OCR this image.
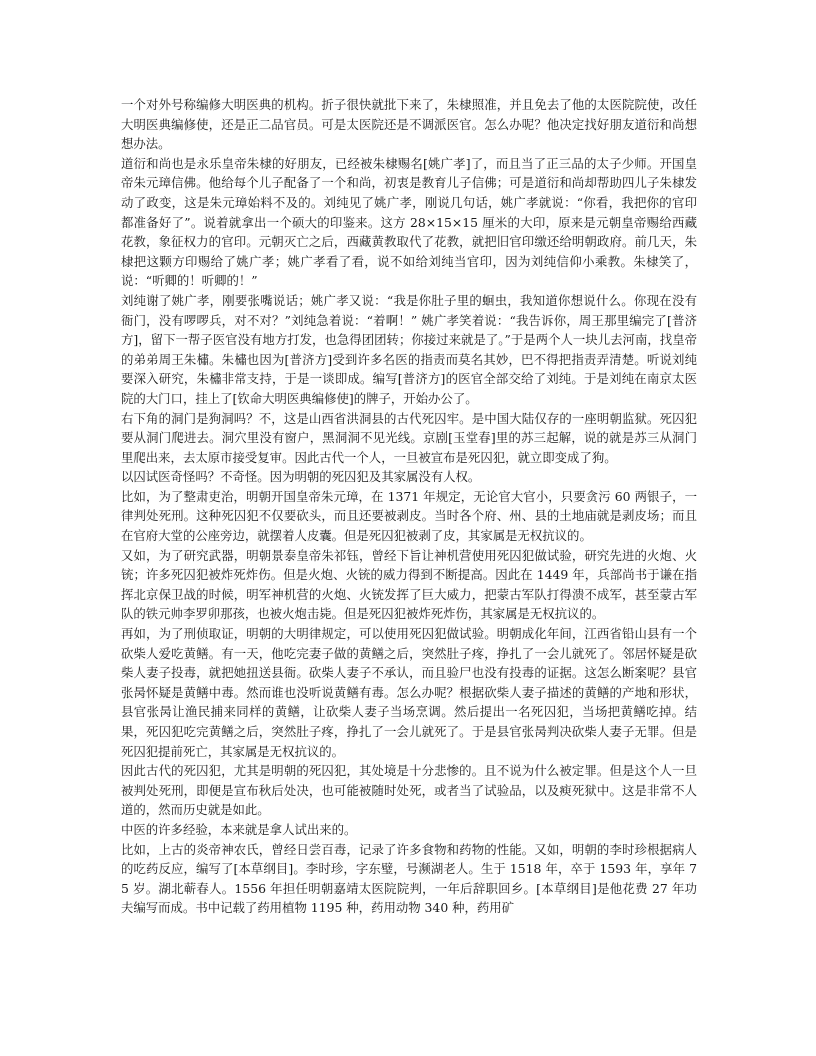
一个对外号称编修大明医典的机构。折子很快就批下来了，朱棣照准，并且免去了他的太医院院使，改任大明医典编修使，还是正二品官员。可是太医院还是不调派医官。怎么办呢？他决定找好朋友道衍和尚想想办法。

道衍和尚也是永乐皇帝朱棣的好朋友，已经被朱棣赐名[姚广孝]了，而且当了正三品的太子少师。开国皇帝朱元璋信佛。他给每个儿子配备了一个和尚，初衷是教育儿子信佛；可是道衍和尚却帮助四儿子朱棣发动了政变，这是朱元璋始料不及的。刘纯见了姚广孝，刚说几句话，姚广孝就说：“你看，我把你的官印都准备好了”。说着就拿出一个硕大的印鉴来。这方 28×15×15 厘米的大印，原来是元朝皇帝赐给西藏花教，象征权力的官印。元朝灭亡之后，西藏黄教取代了花教，就把旧官印缴还给明朝政府。前几天，朱棣把这颗方印赐给了姚广孝；姚广孝看了看，说不如给刘纯当官印，因为刘纯信仰小乘教。朱棣笑了，说：“听卿的！听卿的！”

刘纯谢了姚广孝，刚要张嘴说话；姚广孝又说：“我是你肚子里的蛔虫，我知道你想说什么。你现在没有衙门，没有啰啰兵，对不对？”刘纯急着说：“着啊！” 姚广孝笑着说：“我告诉你，周王那里编完了[普济方]，留下一帮子医官没有地方打发，也急得团团转；你接过来就是了。”于是两个人一块儿去河南，找皇帝的弟弟周王朱橚。朱橚也因为[普济方]受到许多名医的指责而莫名其妙，巴不得把指责弄清楚。听说刘纯要深入研究，朱橚非常支持，于是一谈即成。编写[普济方]的医官全部交给了刘纯。于是刘纯在南京太医院的大门口，挂上了[钦命大明医典编修使]的牌子，开始办公了。

右下角的洞门是狗洞吗？不，这是山西省洪洞县的古代死囚牢。是中国大陆仅存的一座明朝监狱。死囚犯要从洞门爬进去。洞穴里没有窗户，黑洞洞不见光线。京剧[玉堂春]里的苏三起解，说的就是苏三从洞门里爬出来，去太原市接受复审。因此古代一个人，一旦被宣布是死囚犯，就立即变成了狗。

以囚试医奇怪吗？不奇怪。因为明朝的死囚犯及其家属没有人权。

比如，为了整肃吏治，明朝开国皇帝朱元璋，在 1371 年规定，无论官大官小，只要贪污 60 两银子，一律判处死刑。这种死囚犯不仅要砍头，而且还要被剥皮。当时各个府、州、县的土地庙就是剥皮场；而且在官府大堂的公座旁边，就摆着人皮囊。但是死囚犯被剥了皮，其家属是无权抗议的。

又如，为了研究武器，明朝景泰皇帝朱祁钰，曾经下旨让神机营使用死囚犯做试验，研究先进的火炮、火铳；许多死囚犯被炸死炸伤。但是火炮、火铳的威力得到不断提高。因此在 1449 年，兵部尚书于谦在指挥北京保卫战的时候，明军神机营的火炮、火铳发挥了巨大威力，把蒙古军队打得溃不成军，甚至蒙古军队的铁元帅李罗卯那孩，也被火炮击毙。但是死囚犯被炸死炸伤，其家属是无权抗议的。

再如，为了刑侦取证，明朝的大明律规定，可以使用死囚犯做试验。明朝成化年间，江西省铅山县有一个砍柴人爱吃黄鳝。有一天，他吃完妻子做的黄鳝之后，突然肚子疼，挣扎了一会儿就死了。邻居怀疑是砍柴人妻子投毒，就把她扭送县衙。砍柴人妻子不承认，而且验尸也没有投毒的证据。这怎么断案呢？县官张昺怀疑是黄鳝中毒。然而谁也没听说黄鳝有毒。怎么办呢？根据砍柴人妻子描述的黄鳝的产地和形状，县官张昺让渔民捕来同样的黄鳝，让砍柴人妻子当场烹调。然后提出一名死囚犯，当场把黄鳝吃掉。结果，死囚犯吃完黄鳝之后，突然肚子疼，挣扎了一会儿就死了。于是县官张昺判决砍柴人妻子无罪。但是死囚犯提前死亡，其家属是无权抗议的。

因此古代的死囚犯，尤其是明朝的死囚犯，其处境是十分悲惨的。且不说为什么被定罪。但是这个人一旦被判处死刑，即便是宣布秋后处决，也可能被随时处死，或者当了试验品，以及瘐死狱中。这是非常不人道的，然而历史就是如此。

中医的许多经验，本来就是拿人试出来的。

比如，上古的炎帝神农氏，曾经日尝百毒，记录了许多食物和药物的性能。又如，明朝的李时珍根据病人的吃药反应，编写了[本草纲目]。李时珍，字东璧，号濒湖老人。生于 1518 年，卒于 1593 年，享年 75 岁。湖北蕲春人。1556 年担任明朝嘉靖太医院院判，一年后辞职回乡。[本草纲目]是他花费 27 年功夫编写而成。书中记载了药用植物 1195 种，药用动物 340 种，药用矿
